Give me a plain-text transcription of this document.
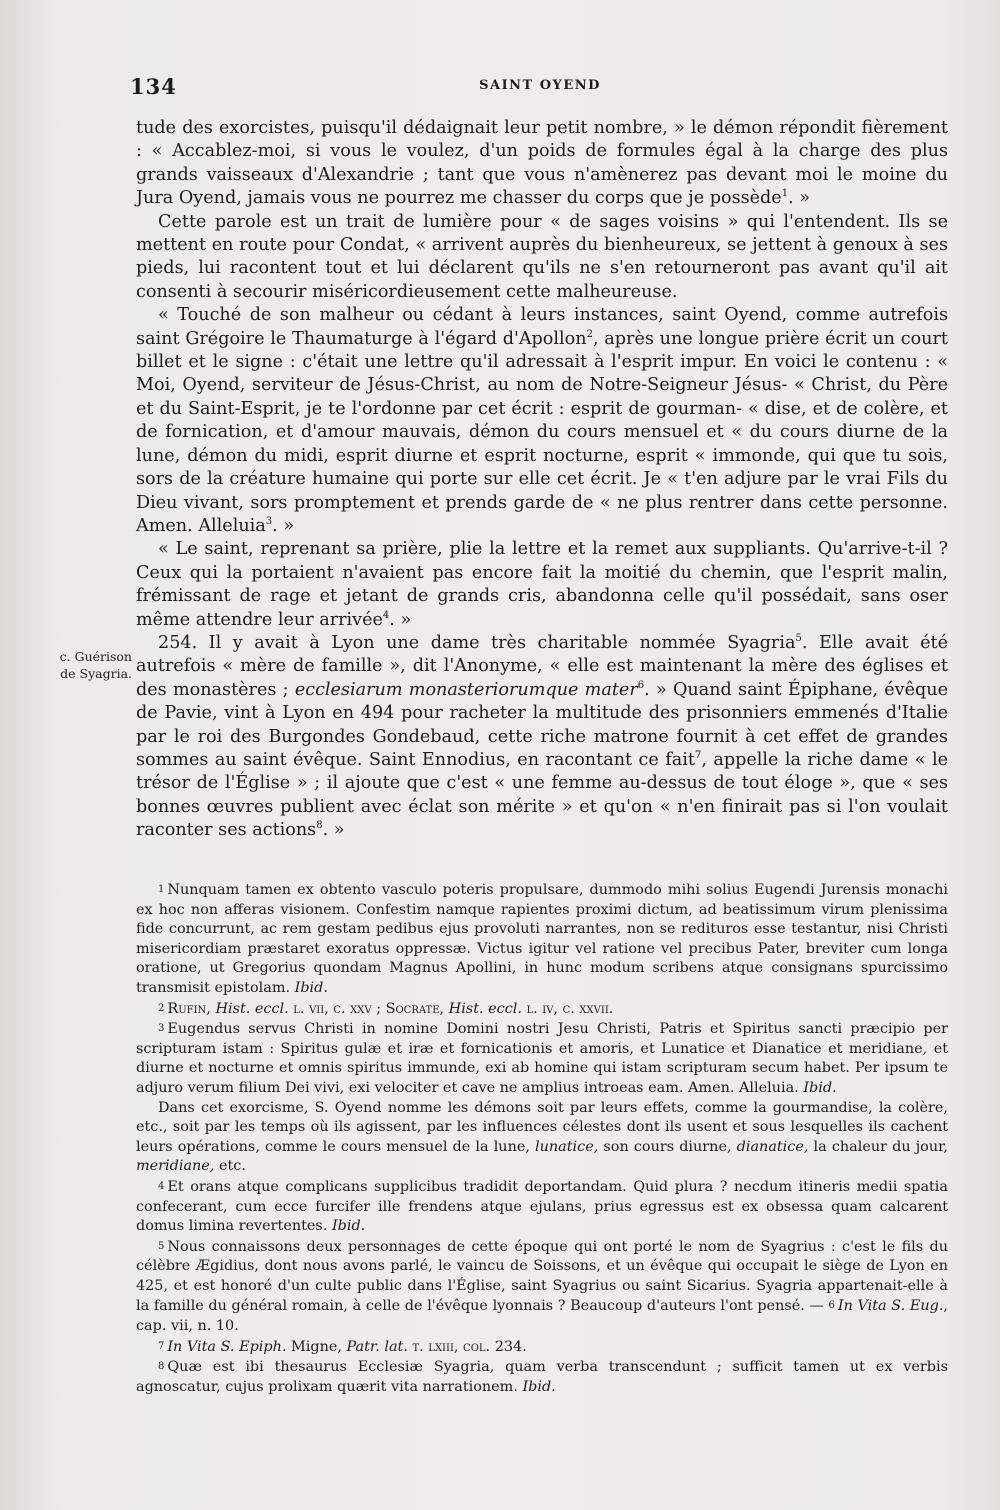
134	SAINT OYEND
c. Guérison
de Syagria.

tude des exorcistes, puisqu'il dédaignait leur petit nombre, » le démon répondit fièrement : « Accablez-moi, si vous le voulez, d'un poids de formules égal à la charge des plus grands vaisseaux d'Alexandrie ; tant que vous n'amènerez pas devant moi le moine du Jura Oyend, jamais vous ne pourrez me chasser du corps que je possède$^1$. »

Cette parole est un trait de lumière pour « de sages voisins » qui l'entendent. Ils se mettent en route pour Condat, « arrivent auprès du bienheureux, se jettent à genoux à ses pieds, lui racontent tout et lui déclarent qu'ils ne s'en retourneront pas avant qu'il ait consenti à secourir miséricordieusement cette malheureuse.

« Touché de son malheur ou cédant à leurs instances, saint Oyend, comme autrefois saint Grégoire le Thaumaturge à l'égard d'Apollon$^2$, après une longue prière écrit un court billet et le signe : c'était une lettre qu'il adressait à l'esprit impur. En voici le contenu : « Moi, Oyend, serviteur de Jésus-Christ, au nom de Notre-Seigneur Jésus- « Christ, du Père et du Saint-Esprit, je te l'ordonne par cet écrit : esprit de gourman- « dise, et de colère, et de fornication, et d'amour mauvais, démon du cours mensuel et « du cours diurne de la lune, démon du midi, esprit diurne et esprit nocturne, esprit « immonde, qui que tu sois, sors de la créature humaine qui porte sur elle cet écrit. Je « t'en adjure par le vrai Fils du Dieu vivant, sors promptement et prends garde de « ne plus rentrer dans cette personne. Amen. Alleluia$^3$. »

« Le saint, reprenant sa prière, plie la lettre et la remet aux suppliants. Qu'arrive-t-il ? Ceux qui la portaient n'avaient pas encore fait la moitié du chemin, que l'esprit malin, frémissant de rage et jetant de grands cris, abandonna celle qu'il possédait, sans oser même attendre leur arrivée$^4$. »

254. Il y avait à Lyon une dame très charitable nommée Syagria$^5$. Elle avait été autrefois « mère de famille », dit l'Anonyme, « elle est maintenant la mère des églises et des monastères ; ecclesiarum monasteriorumque mater$^6$. » Quand saint Épiphane, évêque de Pavie, vint à Lyon en 494 pour racheter la multitude des prisonniers emmenés d'Italie par le roi des Burgondes Gondebaud, cette riche matrone fournit à cet effet de grandes sommes au saint évêque. Saint Ennodius, en racontant ce fait$^7$, appelle la riche dame « le trésor de l'Église » ; il ajoute que c'est « une femme au-dessus de tout éloge », que « ses bonnes œuvres publient avec éclat son mérite » et qu'on « n'en finirait pas si l'on voulait raconter ses actions$^8$. »

1 Nunquam tamen ex obtento vasculo poteris propulsare, dummodo mihi solius Eugendi Jurensis monachi ex hoc non afferas visionem. Confestim namque rapientes proximi dictum, ad beatissimum virum plenissima fide concurrunt, ac rem gestam pedibus ejus provoluti narrantes, non se redituros esse testantur, nisi Christi misericordiam præstaret exoratus oppressæ. Victus igitur vel ratione vel precibus Pater, breviter cum longa oratione, ut Gregorius quondam Magnus Apollini, in hunc modum scribens atque consignans spurcissimo transmisit epistolam. Ibid.

2 Rufin, Hist. eccl. l. vii, c. xxv ; Socrate, Hist. eccl. l. iv, c. xxvii.

3 Eugendus servus Christi in nomine Domini nostri Jesu Christi, Patris et Spiritus sancti præcipio per scripturam istam : Spiritus gulæ et iræ et fornicationis et amoris, et Lunatice et Dianatice et meridiane, et diurne et nocturne et omnis spiritus immunde, exi ab homine qui istam scripturam secum habet. Per ipsum te adjuro verum filium Dei vivi, exi velociter et cave ne amplius introeas eam. Amen. Alleluia. Ibid.

Dans cet exorcisme, S. Oyend nomme les démons soit par leurs effets, comme la gourmandise, la colère, etc., soit par les temps où ils agissent, par les influences célestes dont ils usent et sous lesquelles ils cachent leurs opérations, comme le cours mensuel de la lune, lunatice, son cours diurne, dianatice, la chaleur du jour, meridiane, etc.

4 Et orans atque complicans supplicibus tradidit deportandam. Quid plura ? necdum itineris medii spatia confecerant, cum ecce furcifer ille frendens atque ejulans, prius egressus est ex obsessa quam calcarent domus limina revertentes. Ibid.

5 Nous connaissons deux personnages de cette époque qui ont porté le nom de Syagrius : c'est le fils du célèbre Ægidius, dont nous avons parlé, le vaincu de Soissons, et un évêque qui occupait le siège de Lyon en 425, et est honoré d'un culte public dans l'Église, saint Syagrius ou saint Sicarius. Syagria appartenait-elle à la famille du général romain, à celle de l'évêque lyonnais ? Beaucoup d'auteurs l'ont pensé. — 6 In Vita S. Eug., cap. vii, n. 10.

7 In Vita S. Epiph. Migne, Patr. lat. t. lxiii, col. 234.

8 Quæ est ibi thesaurus Ecclesiæ Syagria, quam verba transcendunt ; sufficit tamen ut ex verbis agnoscatur, cujus prolixam quærit vita narrationem. Ibid.
